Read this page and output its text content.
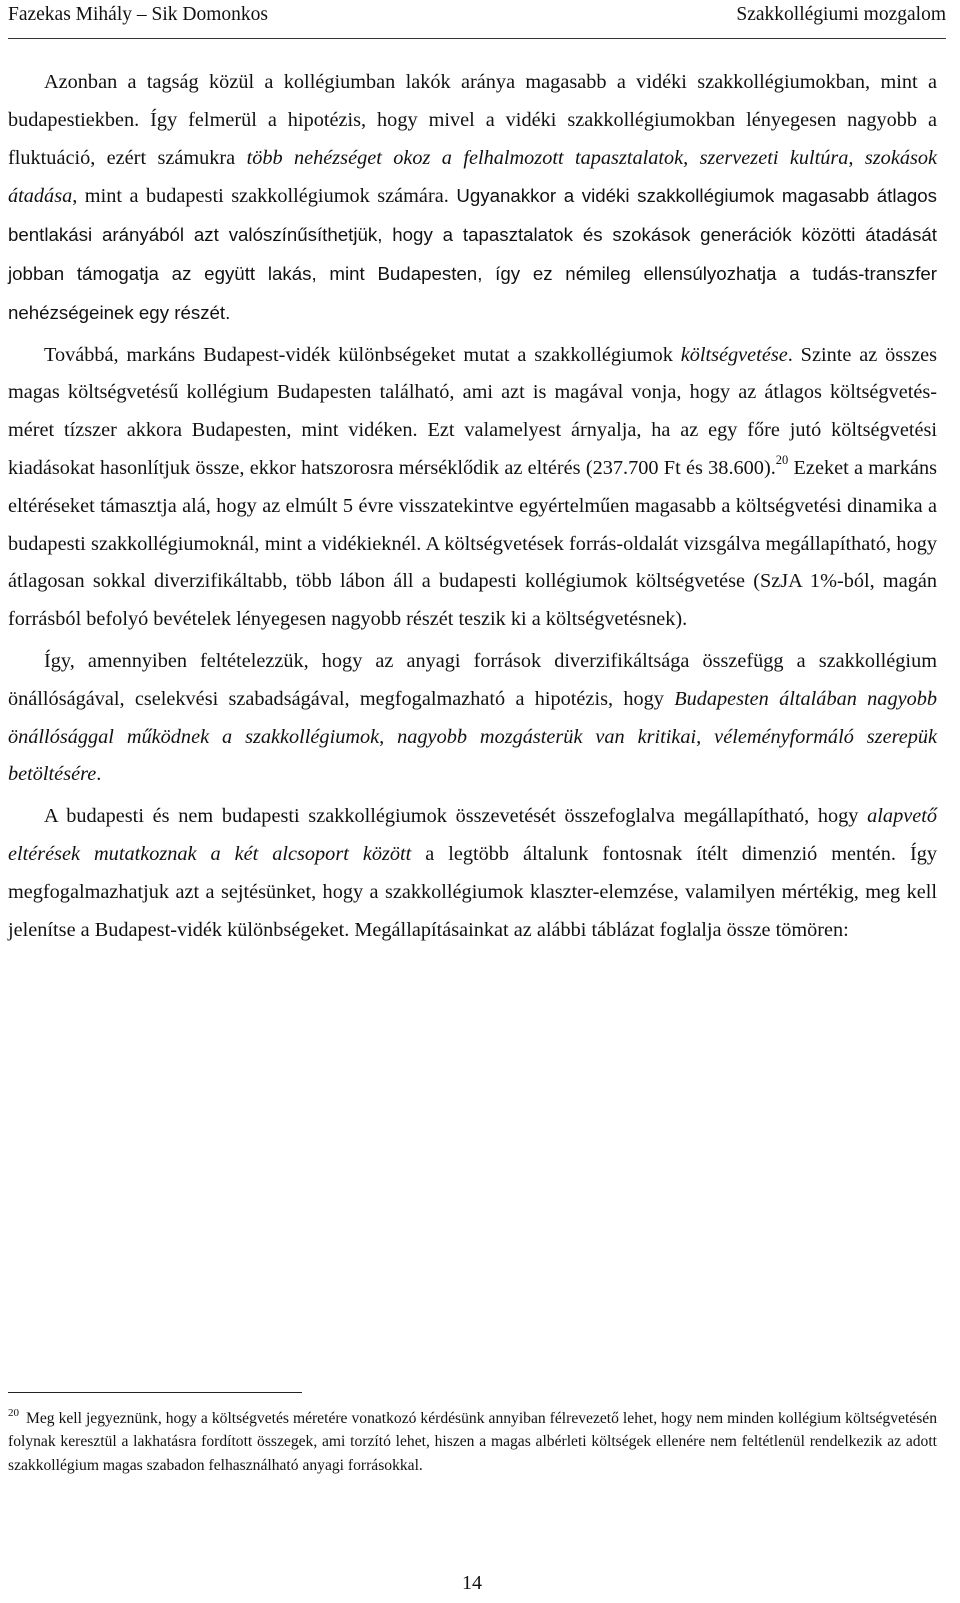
Fazekas Mihály – Sik Domonkos	Szakkollégiumi mozgalom

Azonban a tagság közül a kollégiumban lakók aránya magasabb a vidéki szakkollégiumokban, mint a budapestiekben. Így felmerül a hipotézis, hogy mivel a vidéki szakkollégiumokban lényegesen nagyobb a fluktuáció, ezért számukra több nehézséget okoz a felhalmozott tapasztalatok, szervezeti kultúra, szokások átadása, mint a budapesti szakkollégiumok számára. Ugyanakkor a vidéki szakkollégiumok magasabb átlagos bentlakási arányából azt valószínűsíthetjük, hogy a tapasztalatok és szokások generációk közötti átadását jobban támogatja az együtt lakás, mint Budapesten, így ez némileg ellensúlyozhatja a tudás-transzfer nehézségeinek egy részét.

Továbbá, markáns Budapest-vidék különbségeket mutat a szakkollégiumok költségvetése. Szinte az összes magas költségvetésű kollégium Budapesten található, ami azt is magával vonja, hogy az átlagos költségvetés-méret tízszer akkora Budapesten, mint vidéken. Ezt valamelyest árnyalja, ha az egy főre jutó költségvetési kiadásokat hasonlítjuk össze, ekkor hatszorosra mérséklődik az eltérés (237.700 Ft és 38.600).$^{20}$ Ezeket a markáns eltéréseket támasztja alá, hogy az elmúlt 5 évre visszatekintve egyértelműen magasabb a költségvetési dinamika a budapesti szakkollégiumoknál, mint a vidékieknél. A költségvetések forrás-oldalát vizsgálva megállapítható, hogy átlagosan sokkal diverzifikáltabb, több lábon áll a budapesti kollégiumok költségvetése (SzJA 1%-ból, magán forrásból befolyó bevételek lényegesen nagyobb részét teszik ki a költségvetésnek).

Így, amennyiben feltételezzük, hogy az anyagi források diverzifikáltsága összefügg a szakkollégium önállóságával, cselekvési szabadságával, megfogalmazható a hipotézis, hogy Budapesten általában nagyobb önállósággal működnek a szakkollégiumok, nagyobb mozgásterük van kritikai, véleményformáló szerepük betöltésére.

A budapesti és nem budapesti szakkollégiumok összevetését összefoglalva megállapítható, hogy alapvető eltérések mutatkoznak a két alcsoport között a legtöbb általunk fontosnak ítélt dimenzió mentén. Így megfogalmazhatjuk azt a sejtésünket, hogy a szakkollégiumok klaszter-elemzése, valamilyen mértékig, meg kell jelenítse a Budapest-vidék különbségeket. Megállapításainkat az alábbi táblázat foglalja össze tömören:

$^{20}$ Meg kell jegyeznünk, hogy a költségvetés méretére vonatkozó kérdésünk annyiban félrevezető lehet, hogy nem minden kollégium költségvetésén folynak keresztül a lakhatásra fordított összegek, ami torzító lehet, hiszen a magas albérleti költségek ellenére nem feltétlenül rendelkezik az adott szakkollégium magas szabadon felhasználható anyagi forrásokkal.

14
